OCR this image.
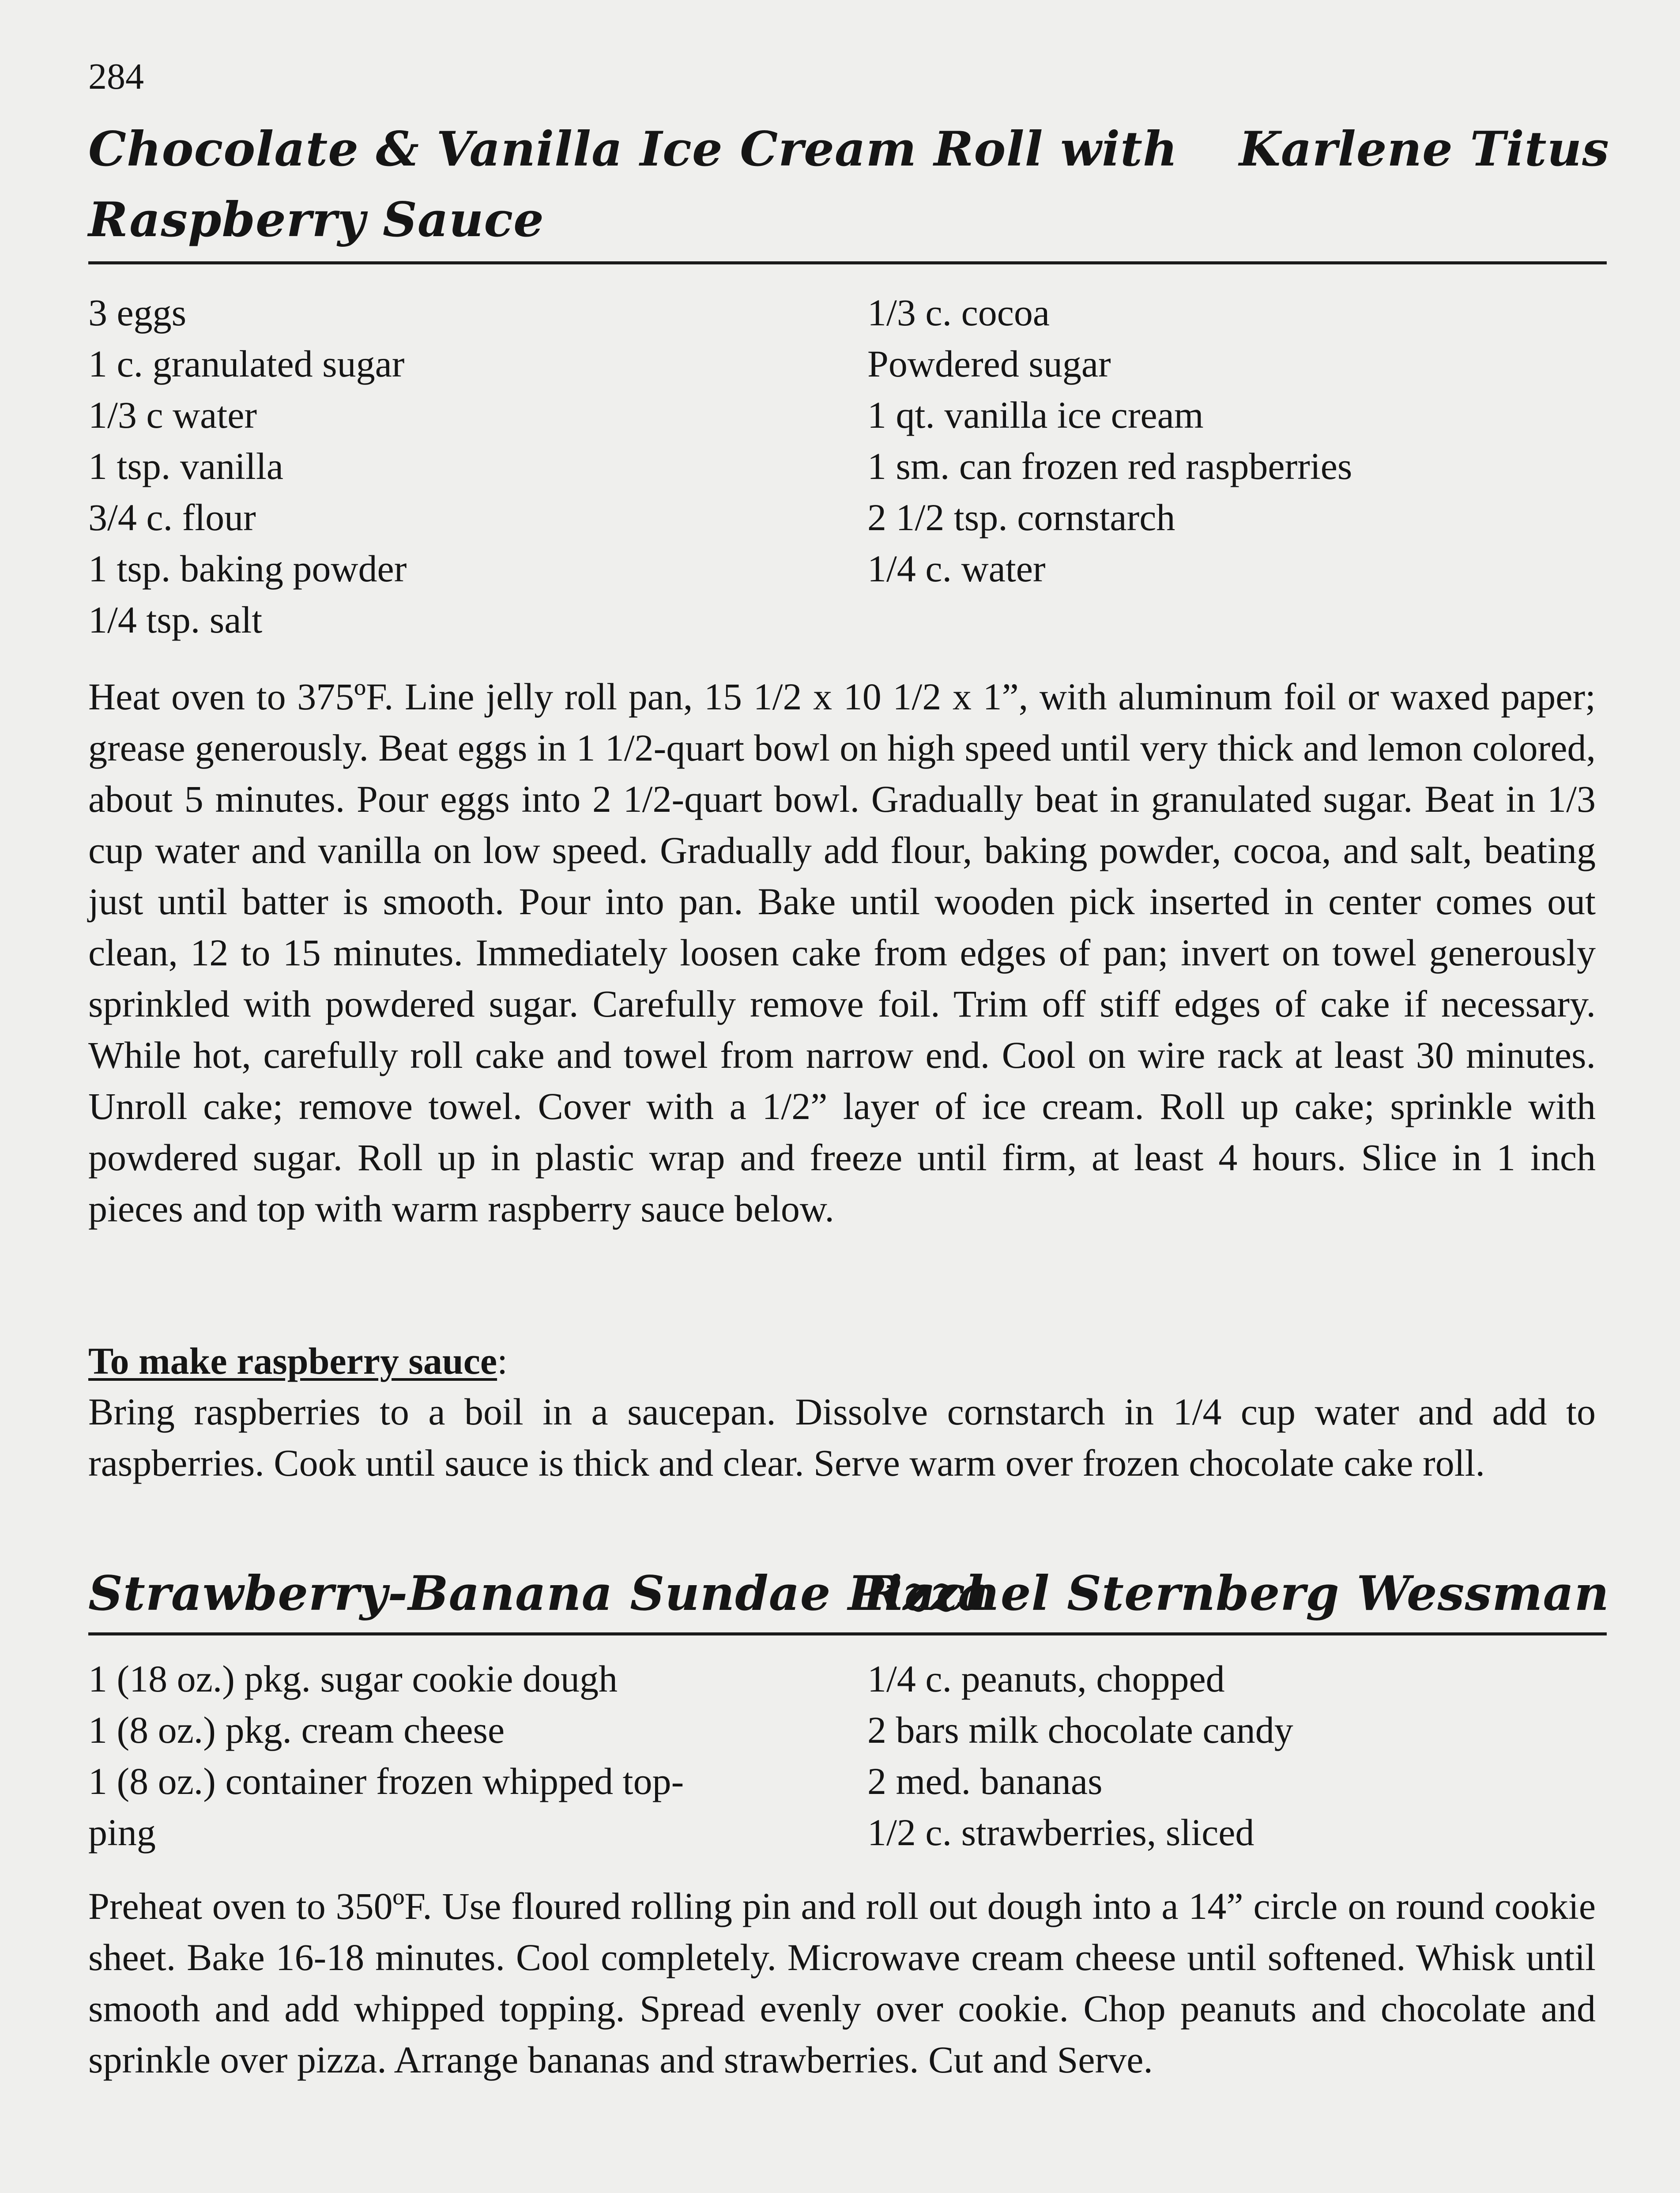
284
Chocolate & Vanilla Ice Cream Roll with Karlene Titus
Raspberry Sauce
3 eggs
1 c. granulated sugar
1/3 c water
1 tsp. vanilla
3/4 c. flour
1 tsp. baking powder
1/4 tsp. salt
1/3 c. cocoa
Powdered sugar
1 qt. vanilla ice cream
1 sm. can frozen red raspberries
2 1/2 tsp. cornstarch
1/4 c. water

Heat oven to 375ºF. Line jelly roll pan, 15 1/2 x 10 1/2 x 1”, with aluminum foil or waxed paper; grease generously. Beat eggs in 1 1/2-quart bowl on high speed until very thick and lemon colored, about 5 minutes. Pour eggs into 2 1/2-quart bowl. Gradually beat in granulated sugar. Beat in 1/3 cup water and vanilla on low speed. Gradually add flour, baking powder, cocoa, and salt, beating just until batter is smooth. Pour into pan. Bake until wooden pick inserted in center comes out clean, 12 to 15 minutes. Immediately loosen cake from edges of pan; invert on towel generously sprinkled with powdered sugar. Carefully remove foil. Trim off stiff edges of cake if necessary. While hot, carefully roll cake and towel from narrow end. Cool on wire rack at least 30 minutes. Unroll cake; remove towel. Cover with a 1/2” layer of ice cream. Roll up cake; sprinkle with powdered sugar. Roll up in plastic wrap and freeze until firm, at least 4 hours. Slice in 1 inch pieces and top with warm raspberry sauce below.

To make raspberry sauce:

Bring raspberries to a boil in a saucepan. Dissolve cornstarch in 1/4 cup water and add to raspberries. Cook until sauce is thick and clear. Serve warm over frozen chocolate cake roll.

Strawberry-Banana Sundae Pizza
Rachel Sternberg Wessman
1 (18 oz.) pkg. sugar cookie dough
1 (8 oz.) pkg. cream cheese
1 (8 oz.) container frozen whipped top-
ping
1/4 c. peanuts, chopped
2 bars milk chocolate candy
2 med. bananas
1/2 c. strawberries, sliced

Preheat oven to 350ºF. Use floured rolling pin and roll out dough into a 14” circle on round cookie sheet. Bake 16-18 minutes. Cool completely. Microwave cream cheese until softened. Whisk until smooth and add whipped topping. Spread evenly over cookie. Chop peanuts and chocolate and sprinkle over pizza. Arrange bananas and strawberries. Cut and Serve.
